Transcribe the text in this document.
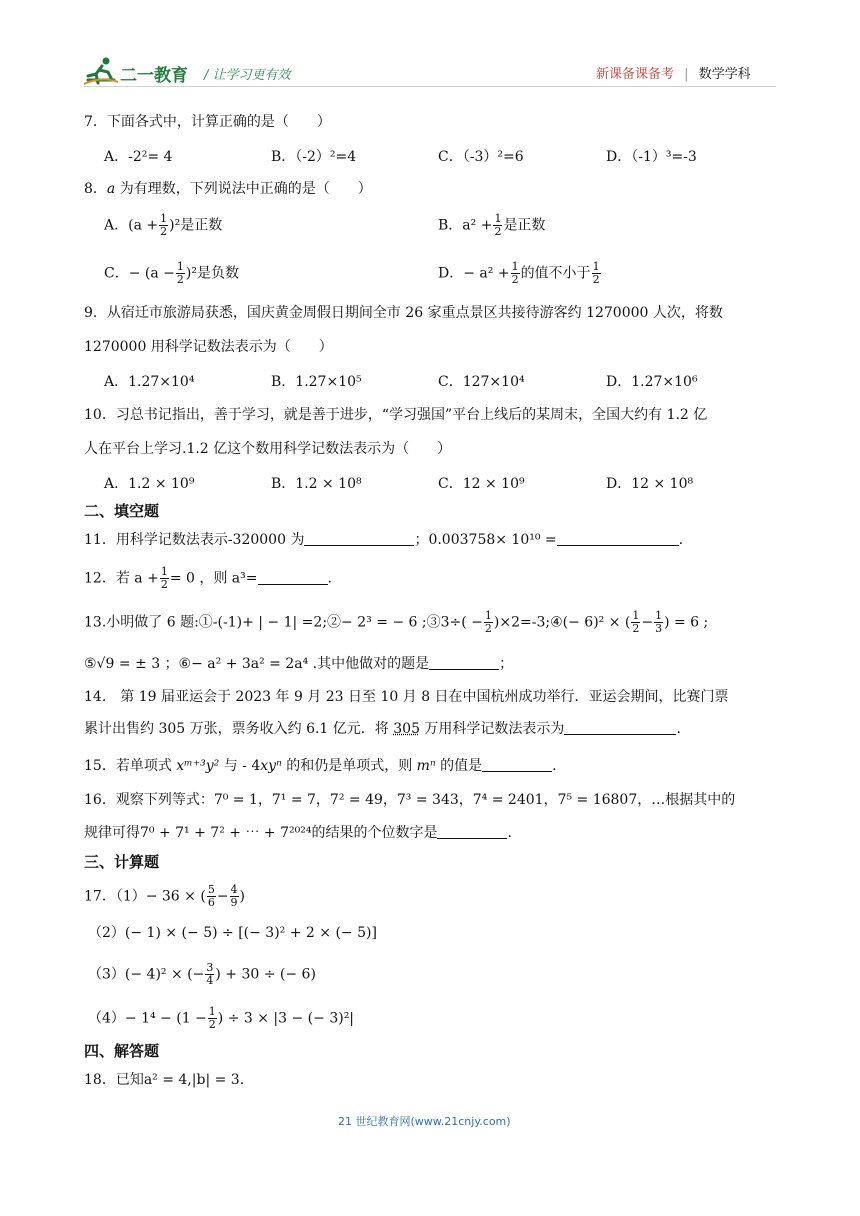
二一教育 / 让学习更有效	新课备课备考 | 数学学科
7．下面各式中，计算正确的是（　　）
A．-2²= 4	B．（-2）²=4	C．（-3）²=6	D．（-1）³=-3
8．a 为有理数，下列说法中正确的是（　　）
A．$(a + \frac{1}{2} )^2$是正数	B．$a^2 + \frac{1}{2}$ 是正数
C．− $(a - \frac{1}{2} )^2$是负数	D．− $a^2 + \frac{1}{2}$ 的值不小于 $\frac{1}{2}$
9．从宿迁市旅游局获悉，国庆黄金周假日期间全市 26 家重点景区共接待游客约 1270000 人次，将数
1270000 用科学记数法表示为（　　）
A．1.27×10⁴	B．1.27×10⁵	C．127×10⁴	D．1.27×10⁶
10．习总书记指出，善于学习，就是善于进步，“学习强国”平台上线后的某周末，全国大约有 1.2 亿
人在平台上学习.1.2 亿这个数用科学记数法表示为（　　）
A．1.2 × 10⁹	B．1.2 × 10⁸	C．12 × 10⁹	D．12 × 10⁸
二、填空题
11．用科学记数法表示-320000 为	；0.003758× 10¹⁰ =	.
12．若 $a + \frac{1}{2} = 0$ ，则 a³=	.
13.小明做了 6 题:①-(-1)+ | − 1| =2;②− 2³ = − 6 ;③3÷( − $\frac{1}{2}$ )×2=-3;④(− 6)² × ( $\frac{1}{2} - \frac{1}{3}$ ) = 6 ;
⑤√9 = ± 3 ；⑥− a² + 3a² = 2a⁴ .其中他做对的题是	；
14.　第 19 届亚运会于 2023 年 9 月 23 日至 10 月 8 日在中国杭州成功举行．亚运会期间，比赛门票
累计出售约 305 万张，票务收入约 6.1 亿元．将 305 万用科学记数法表示为	.
15．若单项式 xᵐ⁺³y² 与 - 4xyⁿ 的和仍是单项式，则 mⁿ 的值是	.
16．观察下列等式：7⁰ = 1，7¹ = 7，7² = 49，7³ = 343，7⁴ = 2401，7⁵ = 16807，…根据其中的
规律可得7⁰ + 7¹ + 7² + ⋯ + 7²⁰²⁴的结果的个位数字是	.
三、计算题
17．（1）− 36 × ( $\frac{5}{6} - \frac{4}{9}$ )
（2）(− 1) × (− 5) ÷ [(− 3)² + 2 × (− 5)]
（3）(− 4)² × (− $\frac{3}{4}$ ) + 30 ÷ (− 6)
$(4)- 1^4 - (1 - \frac{1}{2}$ ) ÷ 3 × |3 − (− 3)²|
四、解答题
18．已知a² = 4,|b| = 3.
21 世纪教育网(www.21cnjy.com)
